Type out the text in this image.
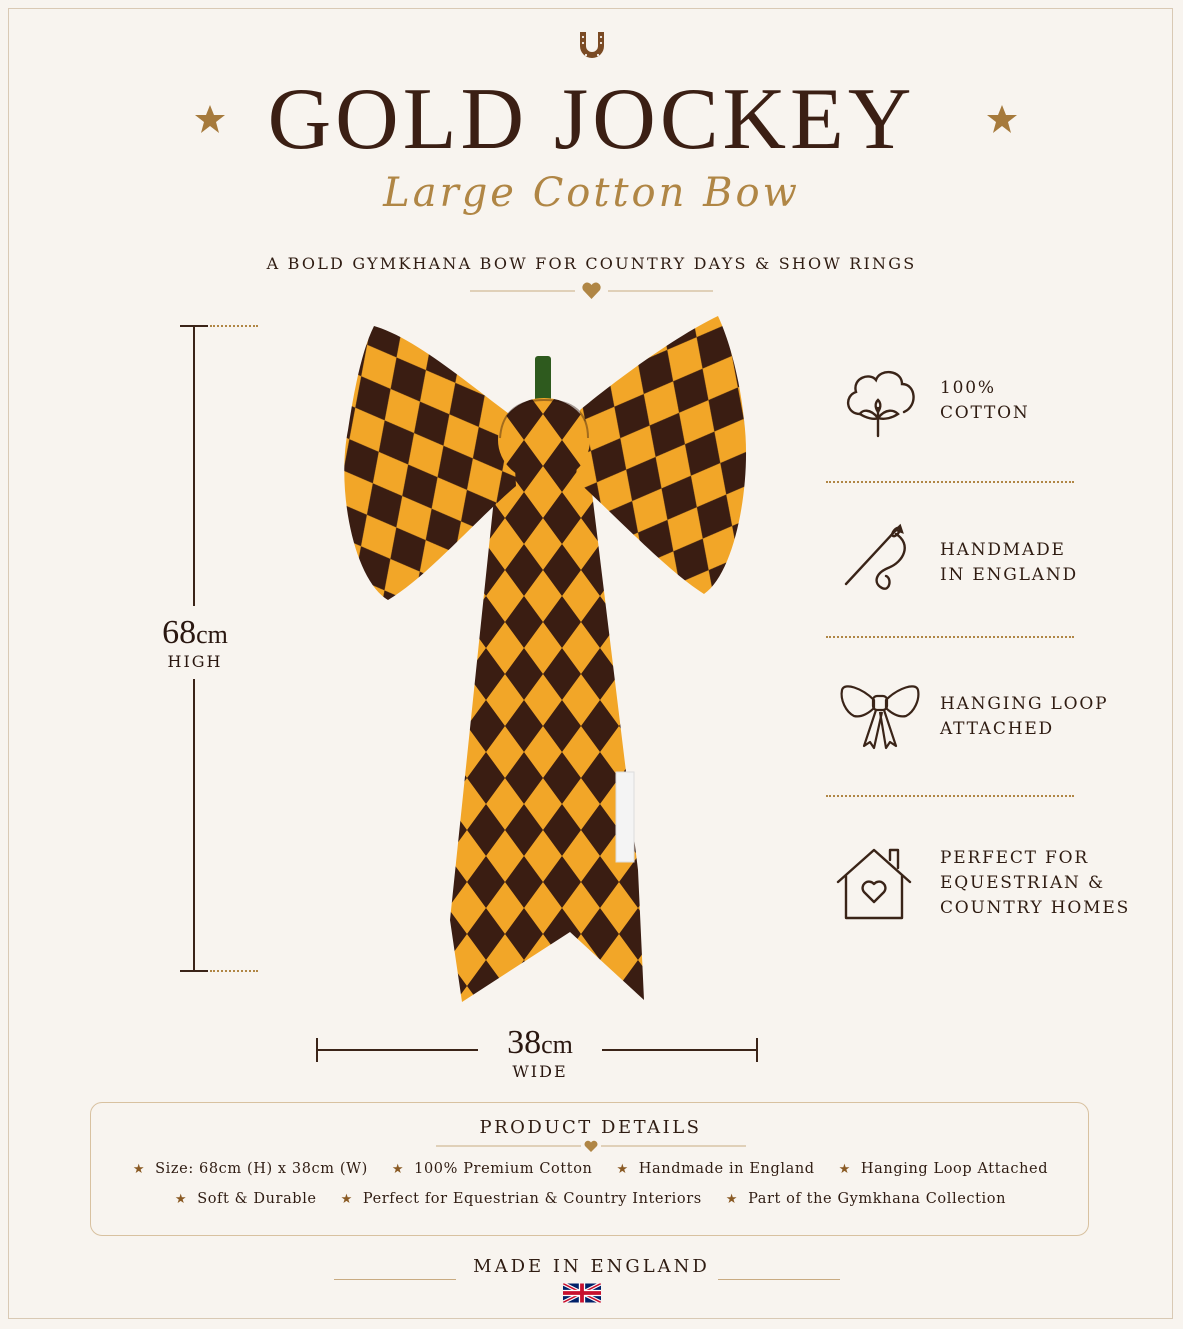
GOLD JOCKEY
Large Cotton Bow
A BOLD GYMKHANA BOW FOR COUNTRY DAYS & SHOW RINGS
68cm
HIGH
38cm
WIDE
100%
COTTON
HANDMADE
IN ENGLAND
HANGING LOOP
ATTACHED
PERFECT FOR
EQUESTRIAN &
COUNTRY HOMES
PRODUCT DETAILS
★ Size: 68cm (H) x 38cm (W) ★ 100% Premium Cotton ★ Handmade in England ★ Hanging Loop Attached
★ Soft & Durable ★ Perfect for Equestrian & Country Interiors ★ Part of the Gymkhana Collection
MADE IN ENGLAND
